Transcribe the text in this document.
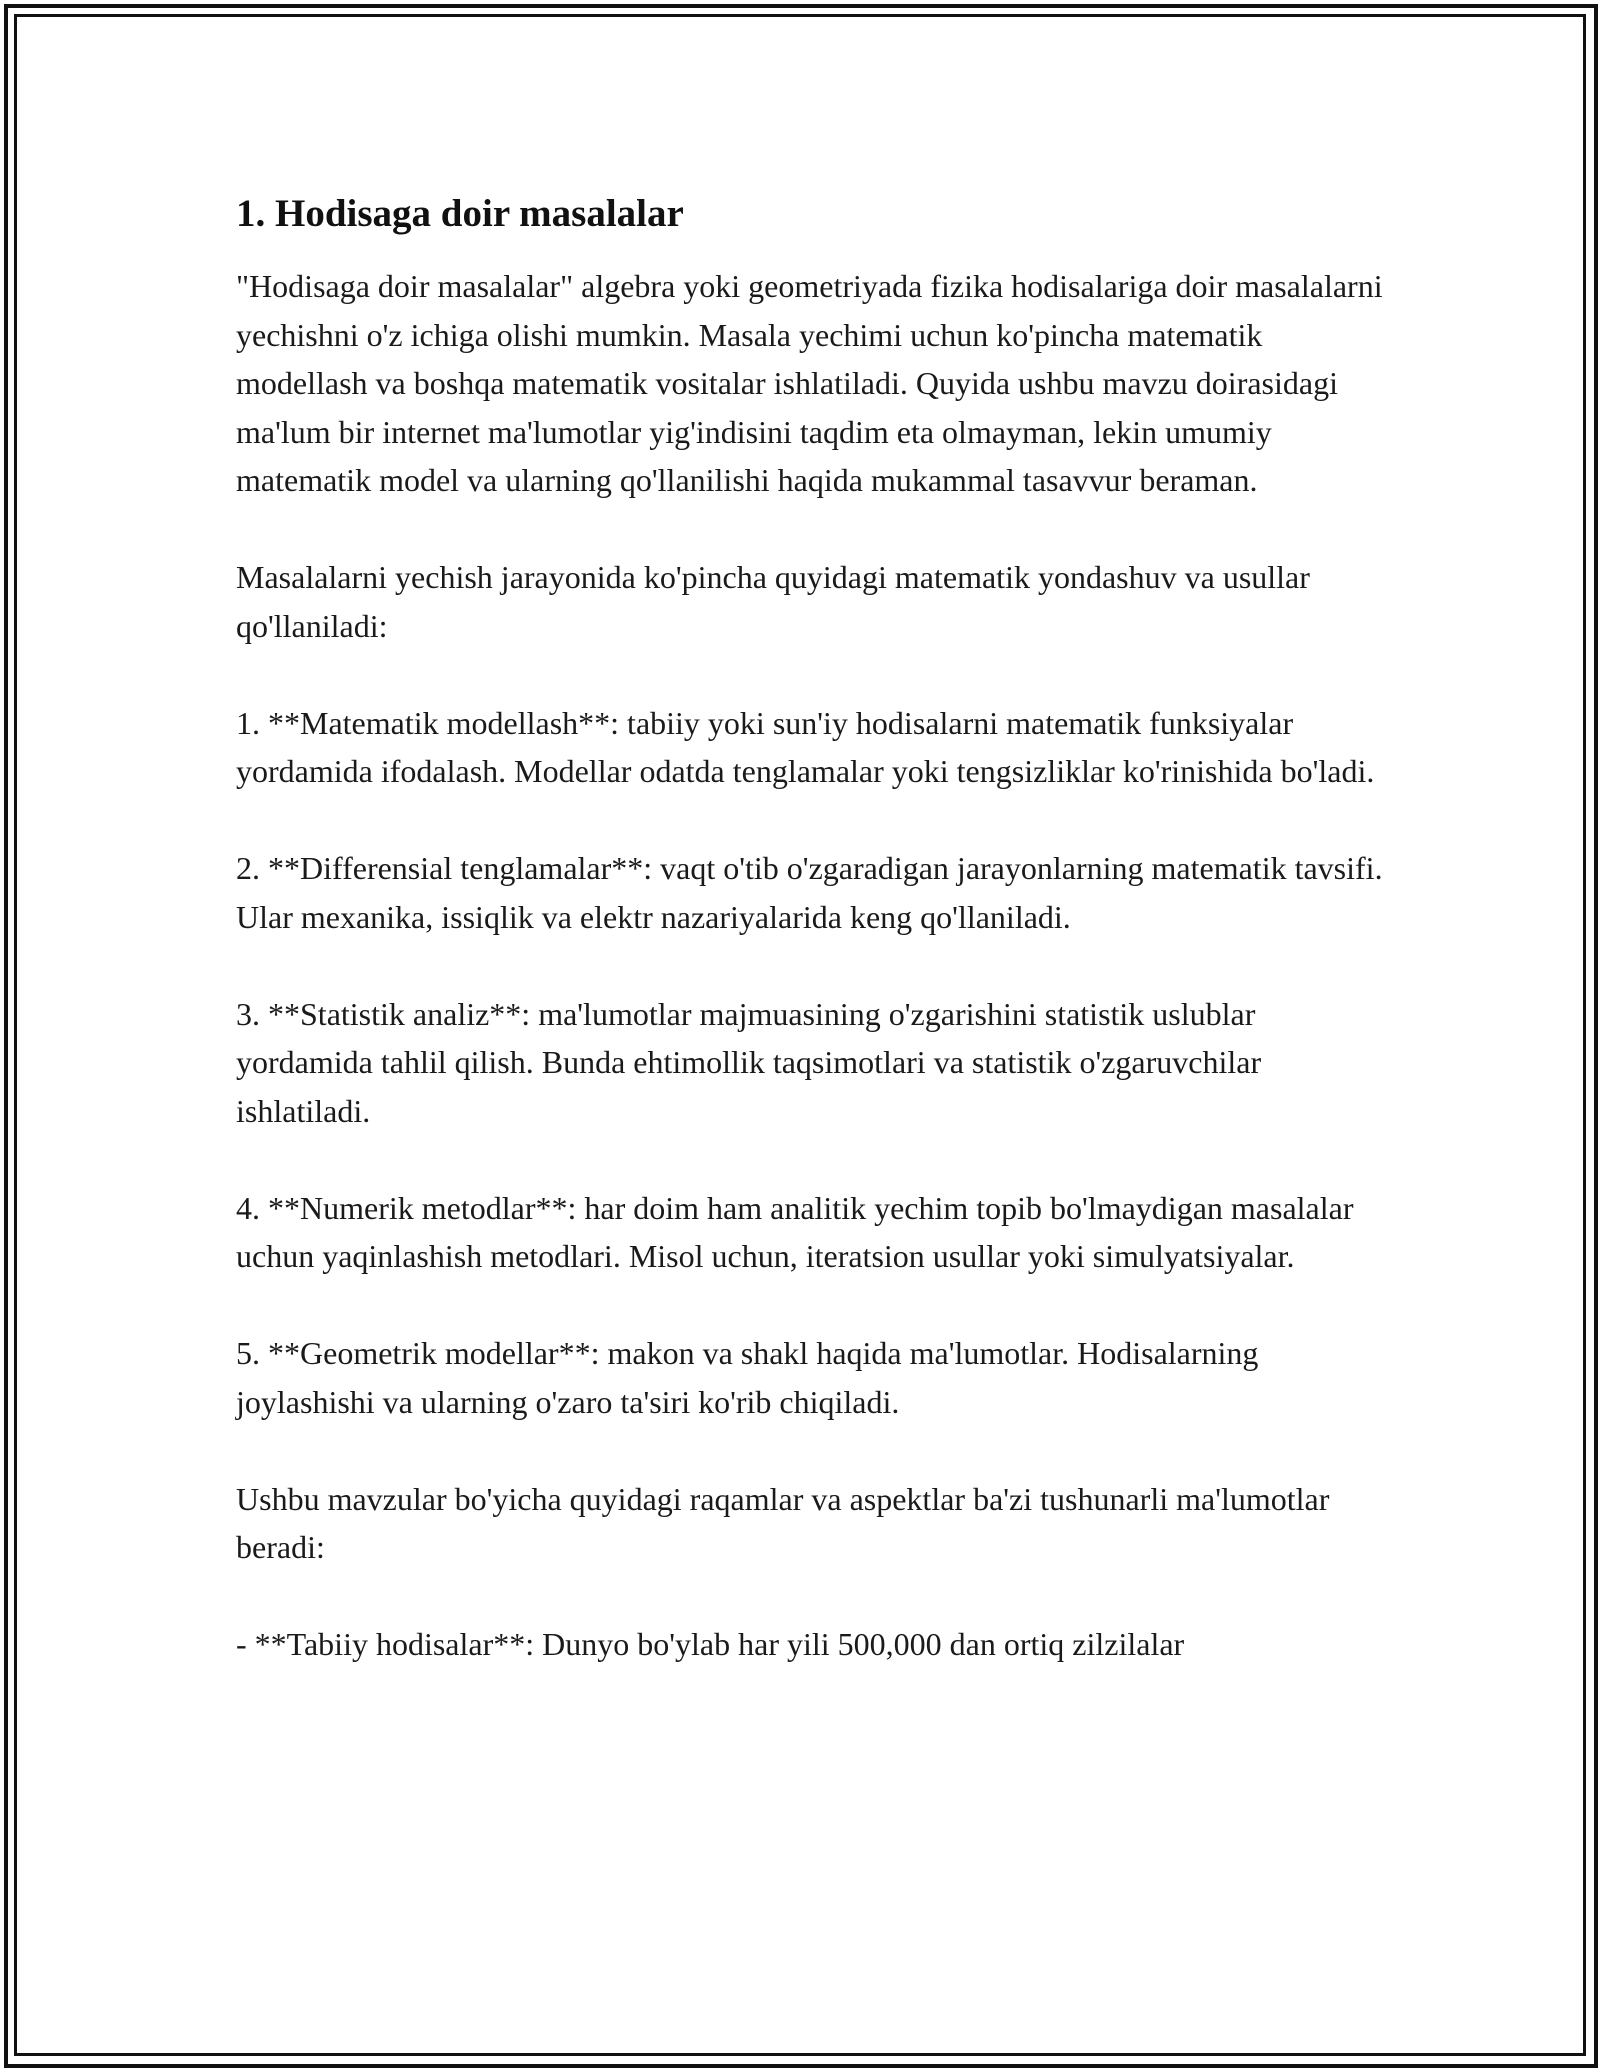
1. Hodisaga doir masalalar

"Hodisaga doir masalalar" algebra yoki geometriyada fizika hodisalariga doir masalalarni yechishni o'z ichiga olishi mumkin. Masala yechimi uchun ko'pincha matematik modellash va boshqa matematik vositalar ishlatiladi. Quyida ushbu mavzu doirasidagi ma'lum bir internet ma'lumotlar yig'indisini taqdim eta olmayman, lekin umumiy matematik model va ularning qo'llanilishi haqida mukammal tasavvur beraman.

Masalalarni yechish jarayonida ko'pincha quyidagi matematik yondashuv va usullar qo'llaniladi:

1. **Matematik modellash**: tabiiy yoki sun'iy hodisalarni matematik funksiyalar yordamida ifodalash. Modellar odatda tenglamalar yoki tengsizliklar ko'rinishida bo'ladi.

2. **Differensial tenglamalar**: vaqt o'tib o'zgaradigan jarayonlarning matematik tavsifi. Ular mexanika, issiqlik va elektr nazariyalarida keng qo'llaniladi.

3. **Statistik analiz**: ma'lumotlar majmuasining o'zgarishini statistik uslublar yordamida tahlil qilish. Bunda ehtimollik taqsimotlari va statistik o'zgaruvchilar ishlatiladi.

4. **Numerik metodlar**: har doim ham analitik yechim topib bo'lmaydigan masalalar uchun yaqinlashish metodlari. Misol uchun, iteratsion usullar yoki simulyatsiyalar.

5. **Geometrik modellar**: makon va shakl haqida ma'lumotlar. Hodisalarning joylashishi va ularning o'zaro ta'siri ko'rib chiqiladi.

Ushbu mavzular bo'yicha quyidagi raqamlar va aspektlar ba'zi tushunarli ma'lumotlar beradi:

- **Tabiiy hodisalar**: Dunyo bo'ylab har yili 500,000 dan ortiq zilzilalar
